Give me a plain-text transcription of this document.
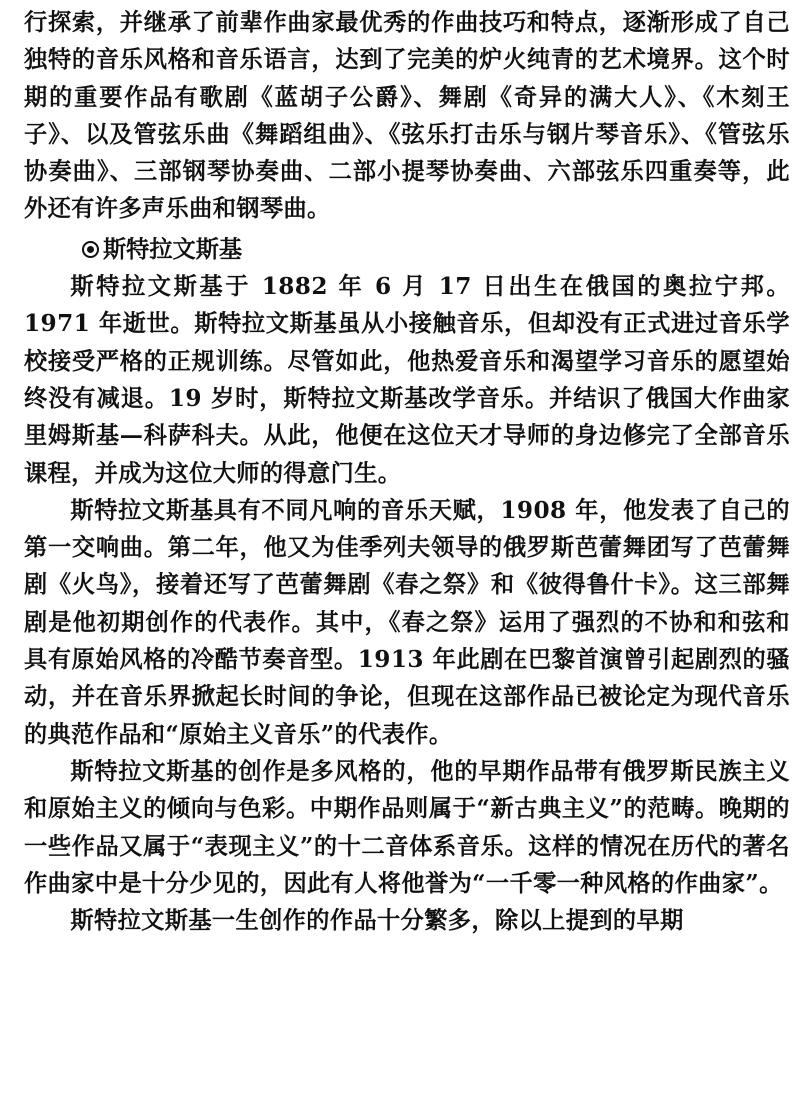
行探索，并继承了前辈作曲家最优秀的作曲技巧和特点，逐渐形成了自己独特的音乐风格和音乐语言，达到了完美的炉火纯青的艺术境界。这个时期的重要作品有歌剧《蓝胡子公爵》、舞剧《奇异的满大人》、《木刻王子》、以及管弦乐曲《舞蹈组曲》、《弦乐打击乐与钢片琴音乐》、《管弦乐协奏曲》、三部钢琴协奏曲、二部小提琴协奏曲、六部弦乐四重奏等，此外还有许多声乐曲和钢琴曲。

斯特拉文斯基

斯特拉文斯基于 1882 年 6 月 17 日出生在俄国的奥拉宁邦。1971 年逝世。斯特拉文斯基虽从小接触音乐，但却没有正式进过音乐学校接受严格的正规训练。尽管如此，他热爱音乐和渴望学习音乐的愿望始终没有减退。19 岁时，斯特拉文斯基改学音乐。并结识了俄国大作曲家里姆斯基—科萨科夫。从此，他便在这位天才导师的身边修完了全部音乐课程，并成为这位大师的得意门生。

斯特拉文斯基具有不同凡响的音乐天赋，1908 年，他发表了自己的第一交响曲。第二年，他又为佳季列夫领导的俄罗斯芭蕾舞团写了芭蕾舞剧《火鸟》，接着还写了芭蕾舞剧《春之祭》和《彼得鲁什卡》。这三部舞剧是他初期创作的代表作。其中，《春之祭》运用了强烈的不协和和弦和具有原始风格的冷酷节奏音型。1913 年此剧在巴黎首演曾引起剧烈的骚动，并在音乐界掀起长时间的争论，但现在这部作品已被论定为现代音乐的典范作品和“原始主义音乐”的代表作。

斯特拉文斯基的创作是多风格的，他的早期作品带有俄罗斯民族主义和原始主义的倾向与色彩。中期作品则属于“新古典主义”的范畴。晚期的一些作品又属于“表现主义”的十二音体系音乐。这样的情况在历代的著名作曲家中是十分少见的，因此有人将他誉为“一千零一种风格的作曲家”。

斯特拉文斯基一生创作的作品十分繁多，除以上提到的早期
